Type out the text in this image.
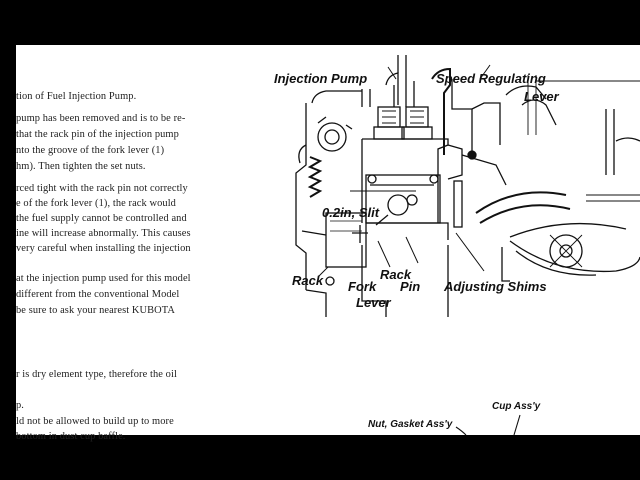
tion of Fuel Injection Pump.
pump has been removed and is to be re-
that the rack pin of the injection pump
nto the groove of the fork lever (1)
hm). Then tighten the set nuts.
rced tight with the rack pin not correctly
e of the fork lever (1), the rack would
the fuel supply cannot be controlled and
ine will increase abnormally. This causes
very careful when installing the injection
at the injection pump used for this model
different from the conventional Model
be sure to ask your nearest KUBOTA
r is dry element type, therefore the oil
p.
ld not be allowed to build up to more
bottom in dust cup baffle.
Injection Pump	Speed Regulating
Lever
0.2in, Slit
Rack	Rack
Fork Pin
Lever
Adjusting Shims
Cup Ass'y
Nut, Gasket Ass'y
